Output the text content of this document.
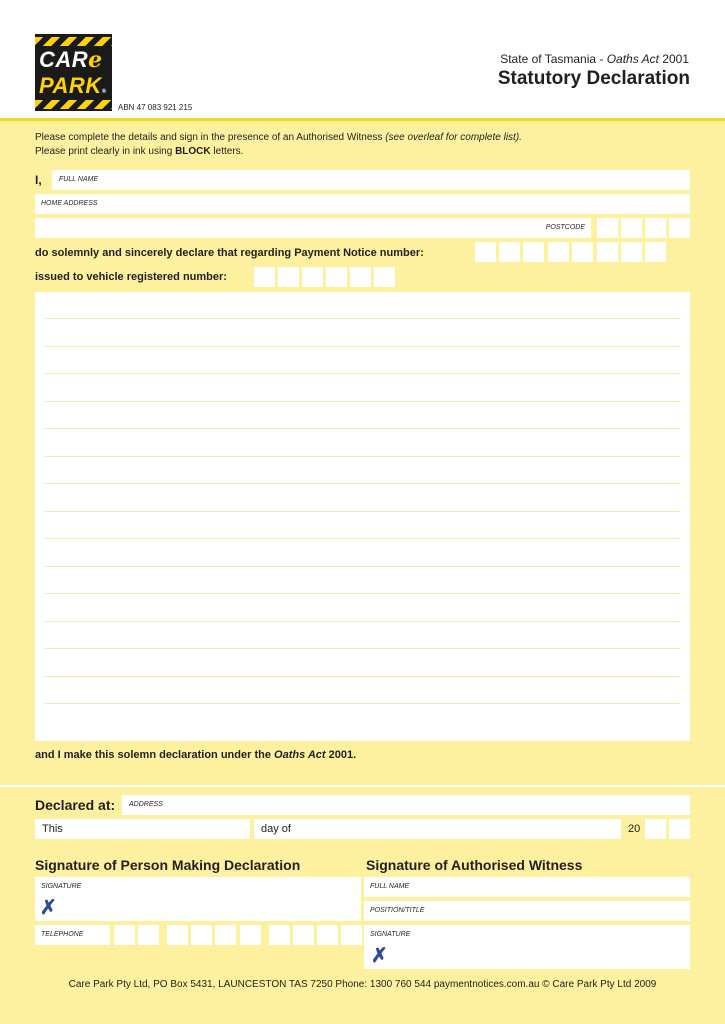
CARe
PARK®
ABN 47 083 921 215
State of Tasmania - Oaths Act 2001
Statutory Declaration
Please complete the details and sign in the presence of an Authorised Witness (see overleaf for complete list).
Please print clearly in ink using BLOCK letters.
I, FULL NAME
HOME ADDRESS
POSTCODE
do solemnly and sincerely declare that regarding Payment Notice number:
issued to vehicle registered number:
and I make this solemn declaration under the Oaths Act 2001.
Declared at: ADDRESS
This	day of	20
Signature of Person Making Declaration	Signature of Authorised Witness
SIGNATURE
✗
TELEPHONE
FULL NAME
POSITION/TITLE
SIGNATURE
✗
Care Park Pty Ltd, PO Box 5431, LAUNCESTON TAS 7250 Phone: 1300 760 544 paymentnotices.com.au © Care Park Pty Ltd 2009
